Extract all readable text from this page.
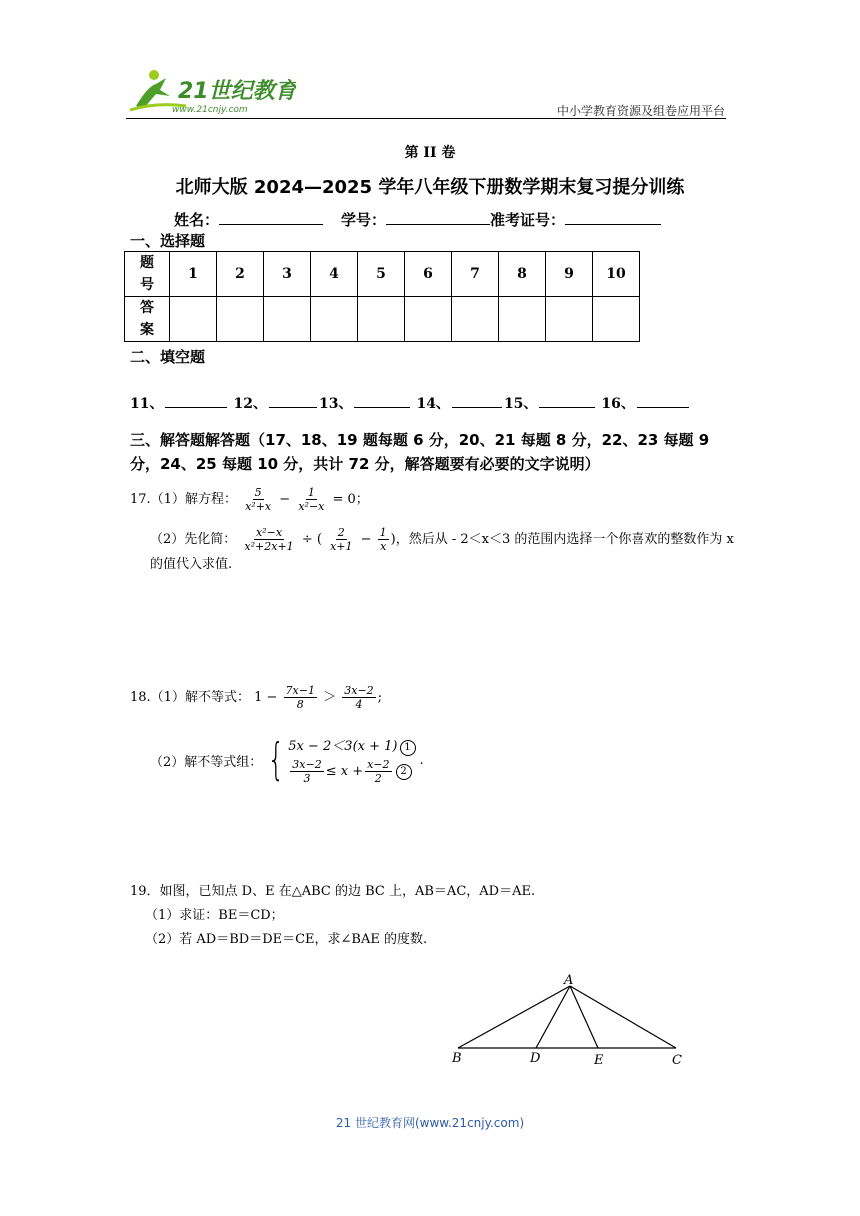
21世纪教育
www.21cnjy.com	中小学教育资源及组卷应用平台
第 II 卷
北师大版 2024—2025 学年八年级下册数学期末复习提分训练
姓名：	学号：	准考证号：
一、选择题
题号	1	2	3	4	5	6	7	8	9	10
答案										
二、填空题
11、	12、	13、	14、	15、	16、
三、解答题解答题（17、18、19 题每题 6 分，20、21 每题 8 分，22、23 每题 9 分，24、25 每题 10 分，共计 72 分，解答题要有必要的文字说明）
17.（1）解方程： $\frac{5}{\text{x²+x}} - \frac{1}{\text{x²−x}} = 0$；
（2）先化简： $\frac{\text{x²−x}}{\text{x²+2x+1}}$ ÷ ( $\frac{2}{x+1} - \frac{1}{x}$ )，然后从 - 2＜x＜3 的范围内选择一个你喜欢的整数作为 x 的值代入求值.
18.（1）解不等式： $1 - \frac{7x-1}{8} > \frac{3x-2}{4}$ ;
（2）解不等式组： { 5x − 2＜3(x + 1) 1
$\frac{3x-2}{3} \le x + \frac{x-2}{2} 2$
.
19．如图，已知点 D、E 在△ABC 的边 BC 上，AB＝AC，AD＝AE.
（1）求证：BE＝CD；
（2）若 AD＝BD＝DE＝CE，求∠BAE 的度数.
A
B	D	E	C
21 世纪教育网(www.21cnjy.com)
